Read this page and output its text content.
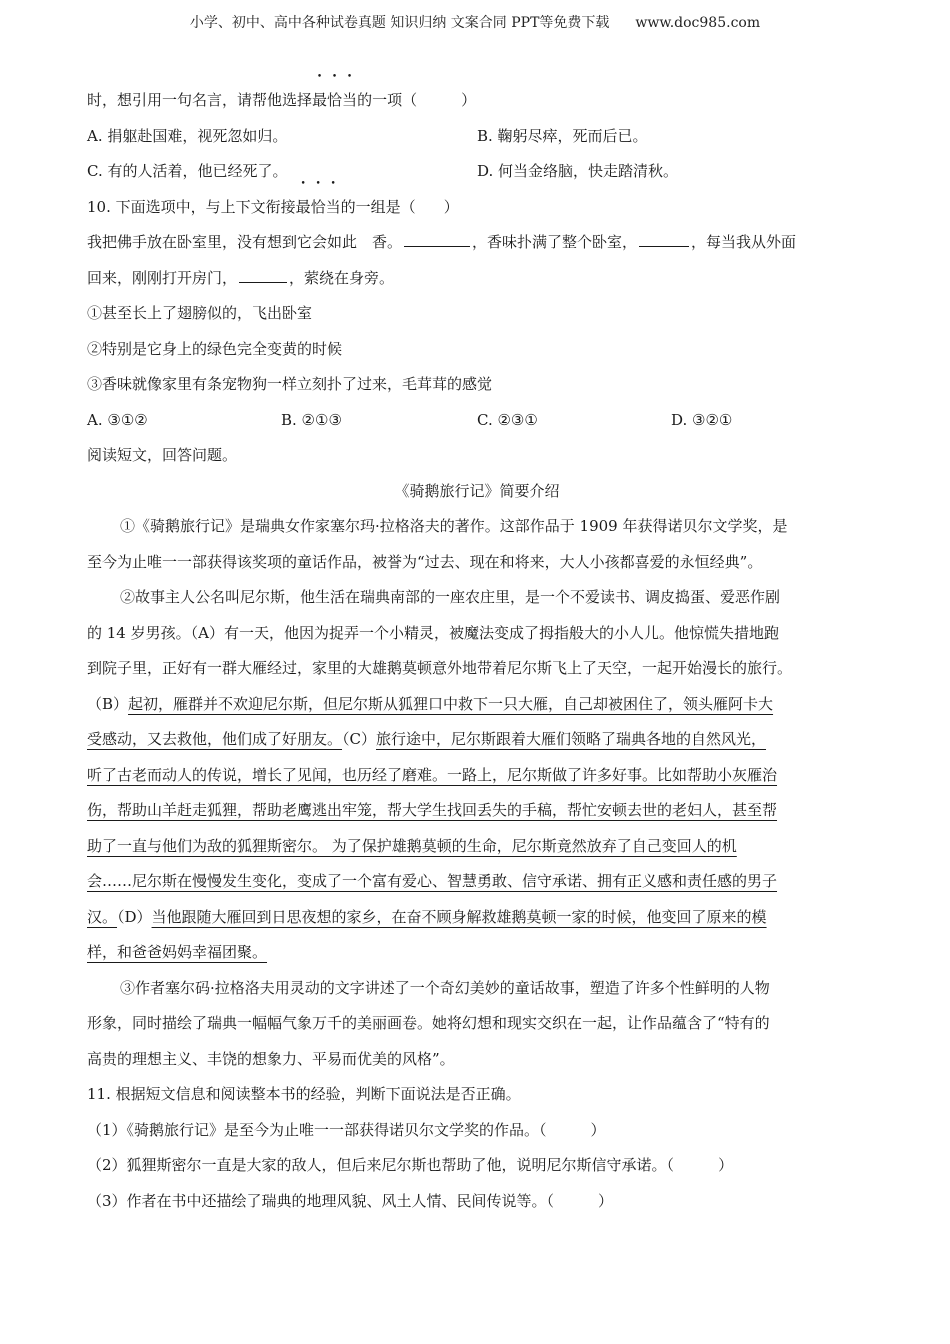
小学、初中、高中各种试卷真题 知识归纳 文案合同 PPT等免费下载 www.doc985.com
时，想引用一句名言，请帮他选择最恰当的一项（	）
A. 捐躯赴国难，视死忽如归。	B. 鞠躬尽瘁，死而后已。
C. 有的人活着，他已经死了。	D. 何当金络脑，快走踏清秋。
10. 下面选项中，与上下文衔接最恰当的一组是（ ）
我把佛手放在卧室里，没有想到它会如此　香。	，香味扑满了整个卧室，	，每当我从外面
回来，刚刚打开房门，	，萦绕在身旁。
①甚至长上了翅膀似的，飞出卧室
②特别是它身上的绿色完全变黄的时候
③香味就像家里有条宠物狗一样立刻扑了过来，毛茸茸的感觉
A. ③①②	B. ②①③	C. ②③①	D. ③②①
阅读短文，回答问题。
《骑鹅旅行记》简要介绍
①《骑鹅旅行记》是瑞典女作家塞尔玛·拉格洛夫的著作。这部作品于 1909 年获得诺贝尔文学奖，是
至今为止唯一一部获得该奖项的童话作品，被誉为“过去、现在和将来，大人小孩都喜爱的永恒经典”。
②故事主人公名叫尼尔斯，他生活在瑞典南部的一座农庄里，是一个不爱读书、调皮捣蛋、爱恶作剧
的 14 岁男孩。（A）有一天，他因为捉弄一个小精灵，被魔法变成了拇指般大的小人儿。他惊慌失措地跑
到院子里，正好有一群大雁经过，家里的大雄鹅莫顿意外地带着尼尔斯飞上了天空，一起开始漫长的旅行。
（B）起初，雁群并不欢迎尼尔斯，但尼尔斯从狐狸口中救下一只大雁，自己却被困住了，领头雁阿卡大
受感动，又去救他，他们成了好朋友。（C）旅行途中，尼尔斯跟着大雁们领略了瑞典各地的自然风光，
听了古老而动人的传说，增长了见闻，也历经了磨难。一路上，尼尔斯做了许多好事。比如帮助小灰雁治
伤，帮助山羊赶走狐狸，帮助老鹰逃出牢笼，帮大学生找回丢失的手稿，帮忙安顿去世的老妇人，甚至帮
助了一直与他们为敌的狐狸斯密尔。 为了保护雄鹅莫顿的生命，尼尔斯竟然放弃了自己变回人的机
会……尼尔斯在慢慢发生变化，变成了一个富有爱心、智慧勇敢、信守承诺、拥有正义感和责任感的男子
汉。（D）当他跟随大雁回到日思夜想的家乡，在奋不顾身解救雄鹅莫顿一家的时候，他变回了原来的模
样，和爸爸妈妈幸福团聚。
③作者塞尔码·拉格洛夫用灵动的文字讲述了一个奇幻美妙的童话故事，塑造了许多个性鲜明的人物
形象，同时描绘了瑞典一幅幅气象万千的美丽画卷。她将幻想和现实交织在一起，让作品蕴含了“特有的
高贵的理想主义、丰饶的想象力、平易而优美的风格”。
11. 根据短文信息和阅读整本书的经验，判断下面说法是否正确。
（1）《骑鹅旅行记》是至今为止唯一一部获得诺贝尔文学奖的作品。（	）
（2）狐狸斯密尔一直是大家的敌人，但后来尼尔斯也帮助了他，说明尼尔斯信守承诺。（	）
（3）作者在书中还描绘了瑞典的地理风貌、风土人情、民间传说等。（	）
